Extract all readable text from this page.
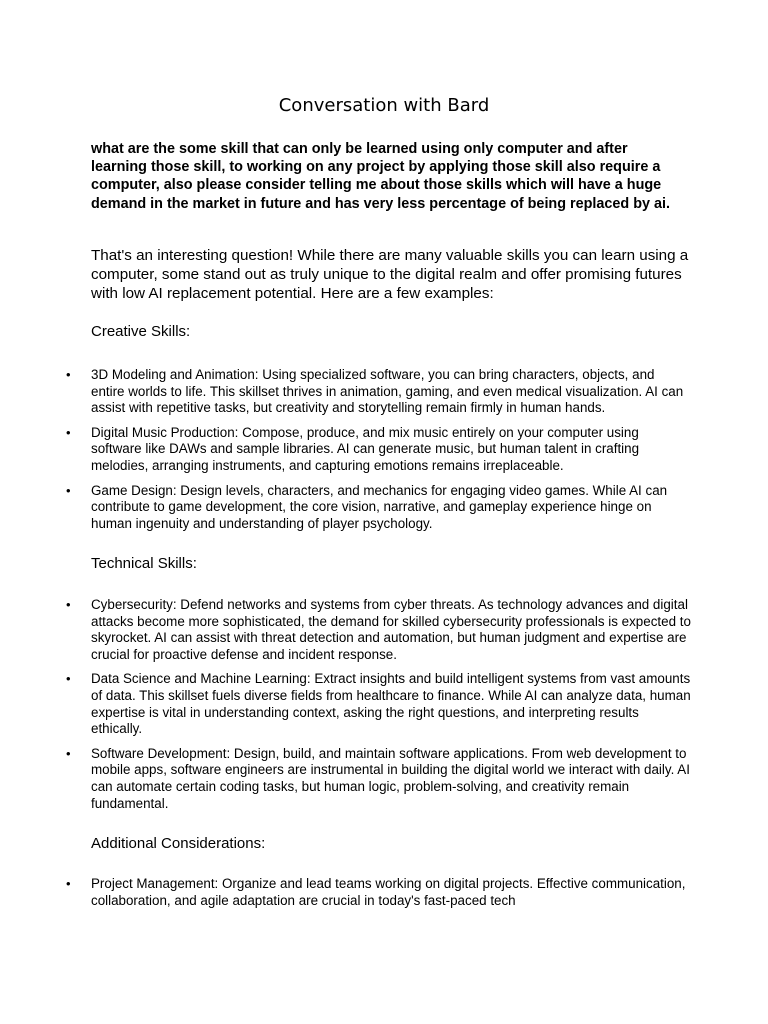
Conversation with Bard

what are the some skill that can only be learned using only computer and after learning those skill, to working on any project by applying those skill also require a computer, also please consider telling me about those skills which will have a huge demand in the market in future and has very less percentage of being replaced by ai.

That's an interesting question! While there are many valuable skills you can learn using a computer, some stand out as truly unique to the digital realm and offer promising futures with low AI replacement potential. Here are a few examples:

Creative Skills:
• 3D Modeling and Animation: Using specialized software, you can bring characters, objects, and entire worlds to life. This skillset thrives in animation, gaming, and even medical visualization. AI can assist with repetitive tasks, but creativity and storytelling remain firmly in human hands.
• Digital Music Production: Compose, produce, and mix music entirely on your computer using software like DAWs and sample libraries. AI can generate music, but human talent in crafting melodies, arranging instruments, and capturing emotions remains irreplaceable.
• Game Design: Design levels, characters, and mechanics for engaging video games. While AI can contribute to game development, the core vision, narrative, and gameplay experience hinge on human ingenuity and understanding of player psychology.
Technical Skills:
• Cybersecurity: Defend networks and systems from cyber threats. As technology advances and digital attacks become more sophisticated, the demand for skilled cybersecurity professionals is expected to skyrocket. AI can assist with threat detection and automation, but human judgment and expertise are crucial for proactive defense and incident response.
• Data Science and Machine Learning: Extract insights and build intelligent systems from vast amounts of data. This skillset fuels diverse fields from healthcare to finance. While AI can analyze data, human expertise is vital in understanding context, asking the right questions, and interpreting results ethically.
• Software Development: Design, build, and maintain software applications. From web development to mobile apps, software engineers are instrumental in building the digital world we interact with daily. AI can automate certain coding tasks, but human logic, problem-solving, and creativity remain fundamental.
Additional Considerations:
• Project Management: Organize and lead teams working on digital projects. Effective communication, collaboration, and agile adaptation are crucial in today's fast-paced tech
